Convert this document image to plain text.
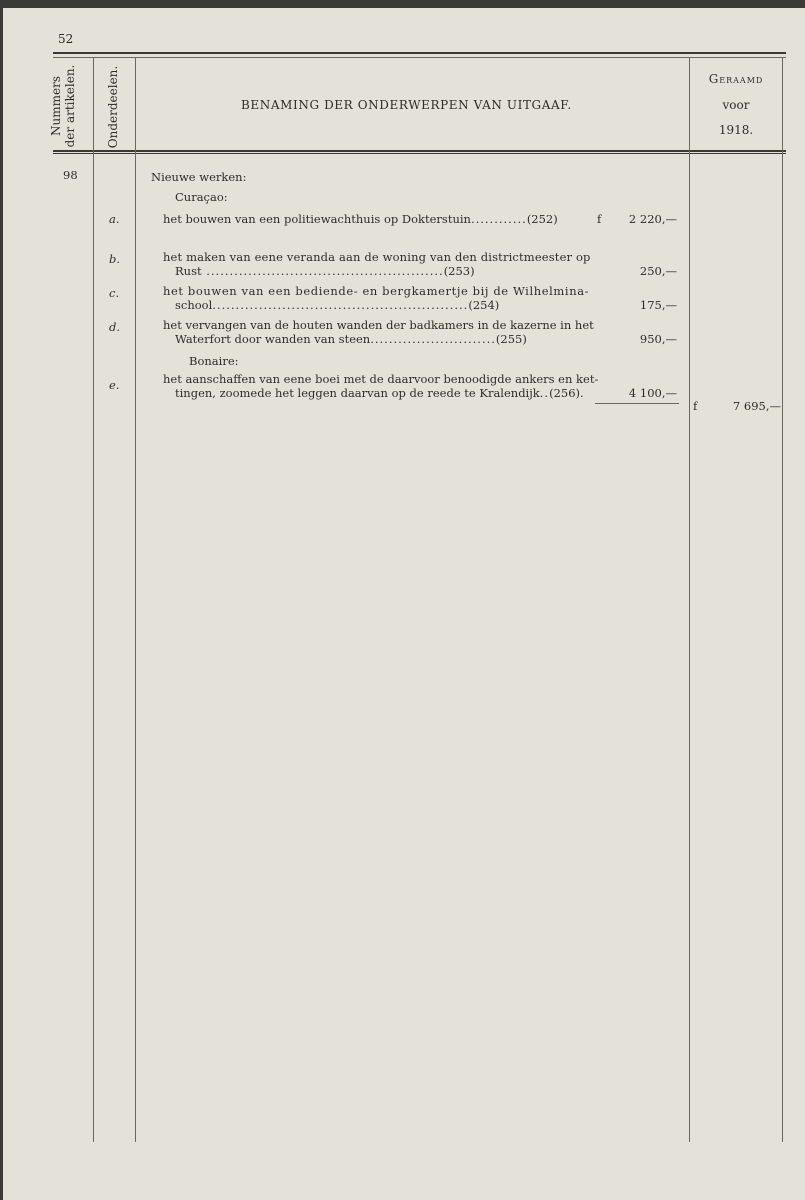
52
Nummers der artikelen. Onderdeelen.	BENAMING DER ONDERWERPEN VAN UITGAAF.
Geraamd
voor
1918.
98	Nieuwe werken:
Curaçao:
a.	het bouwen van een politiewachthuis op Dokterstuin............(252)	f	2 220,—
b.	het maken van eene veranda aan de woning van den districtmeester op
Rust ...................................................(253)	250,—
c.	het bouwen van een bediende- en bergkamertje bij de Wilhelmina-
school.......................................................(254)	175,—
d.	het vervangen van de houten wanden der badkamers in de kazerne in het
Waterfort door wanden van steen...........................(255)	950,—
Bonaire:
e.	het aanschaffen van eene boei met de daarvoor benoodigde ankers en ket-
tingen, zoomede het leggen daarvan op de reede te Kralendijk..(256).	4 100,—
f	7 695,—
